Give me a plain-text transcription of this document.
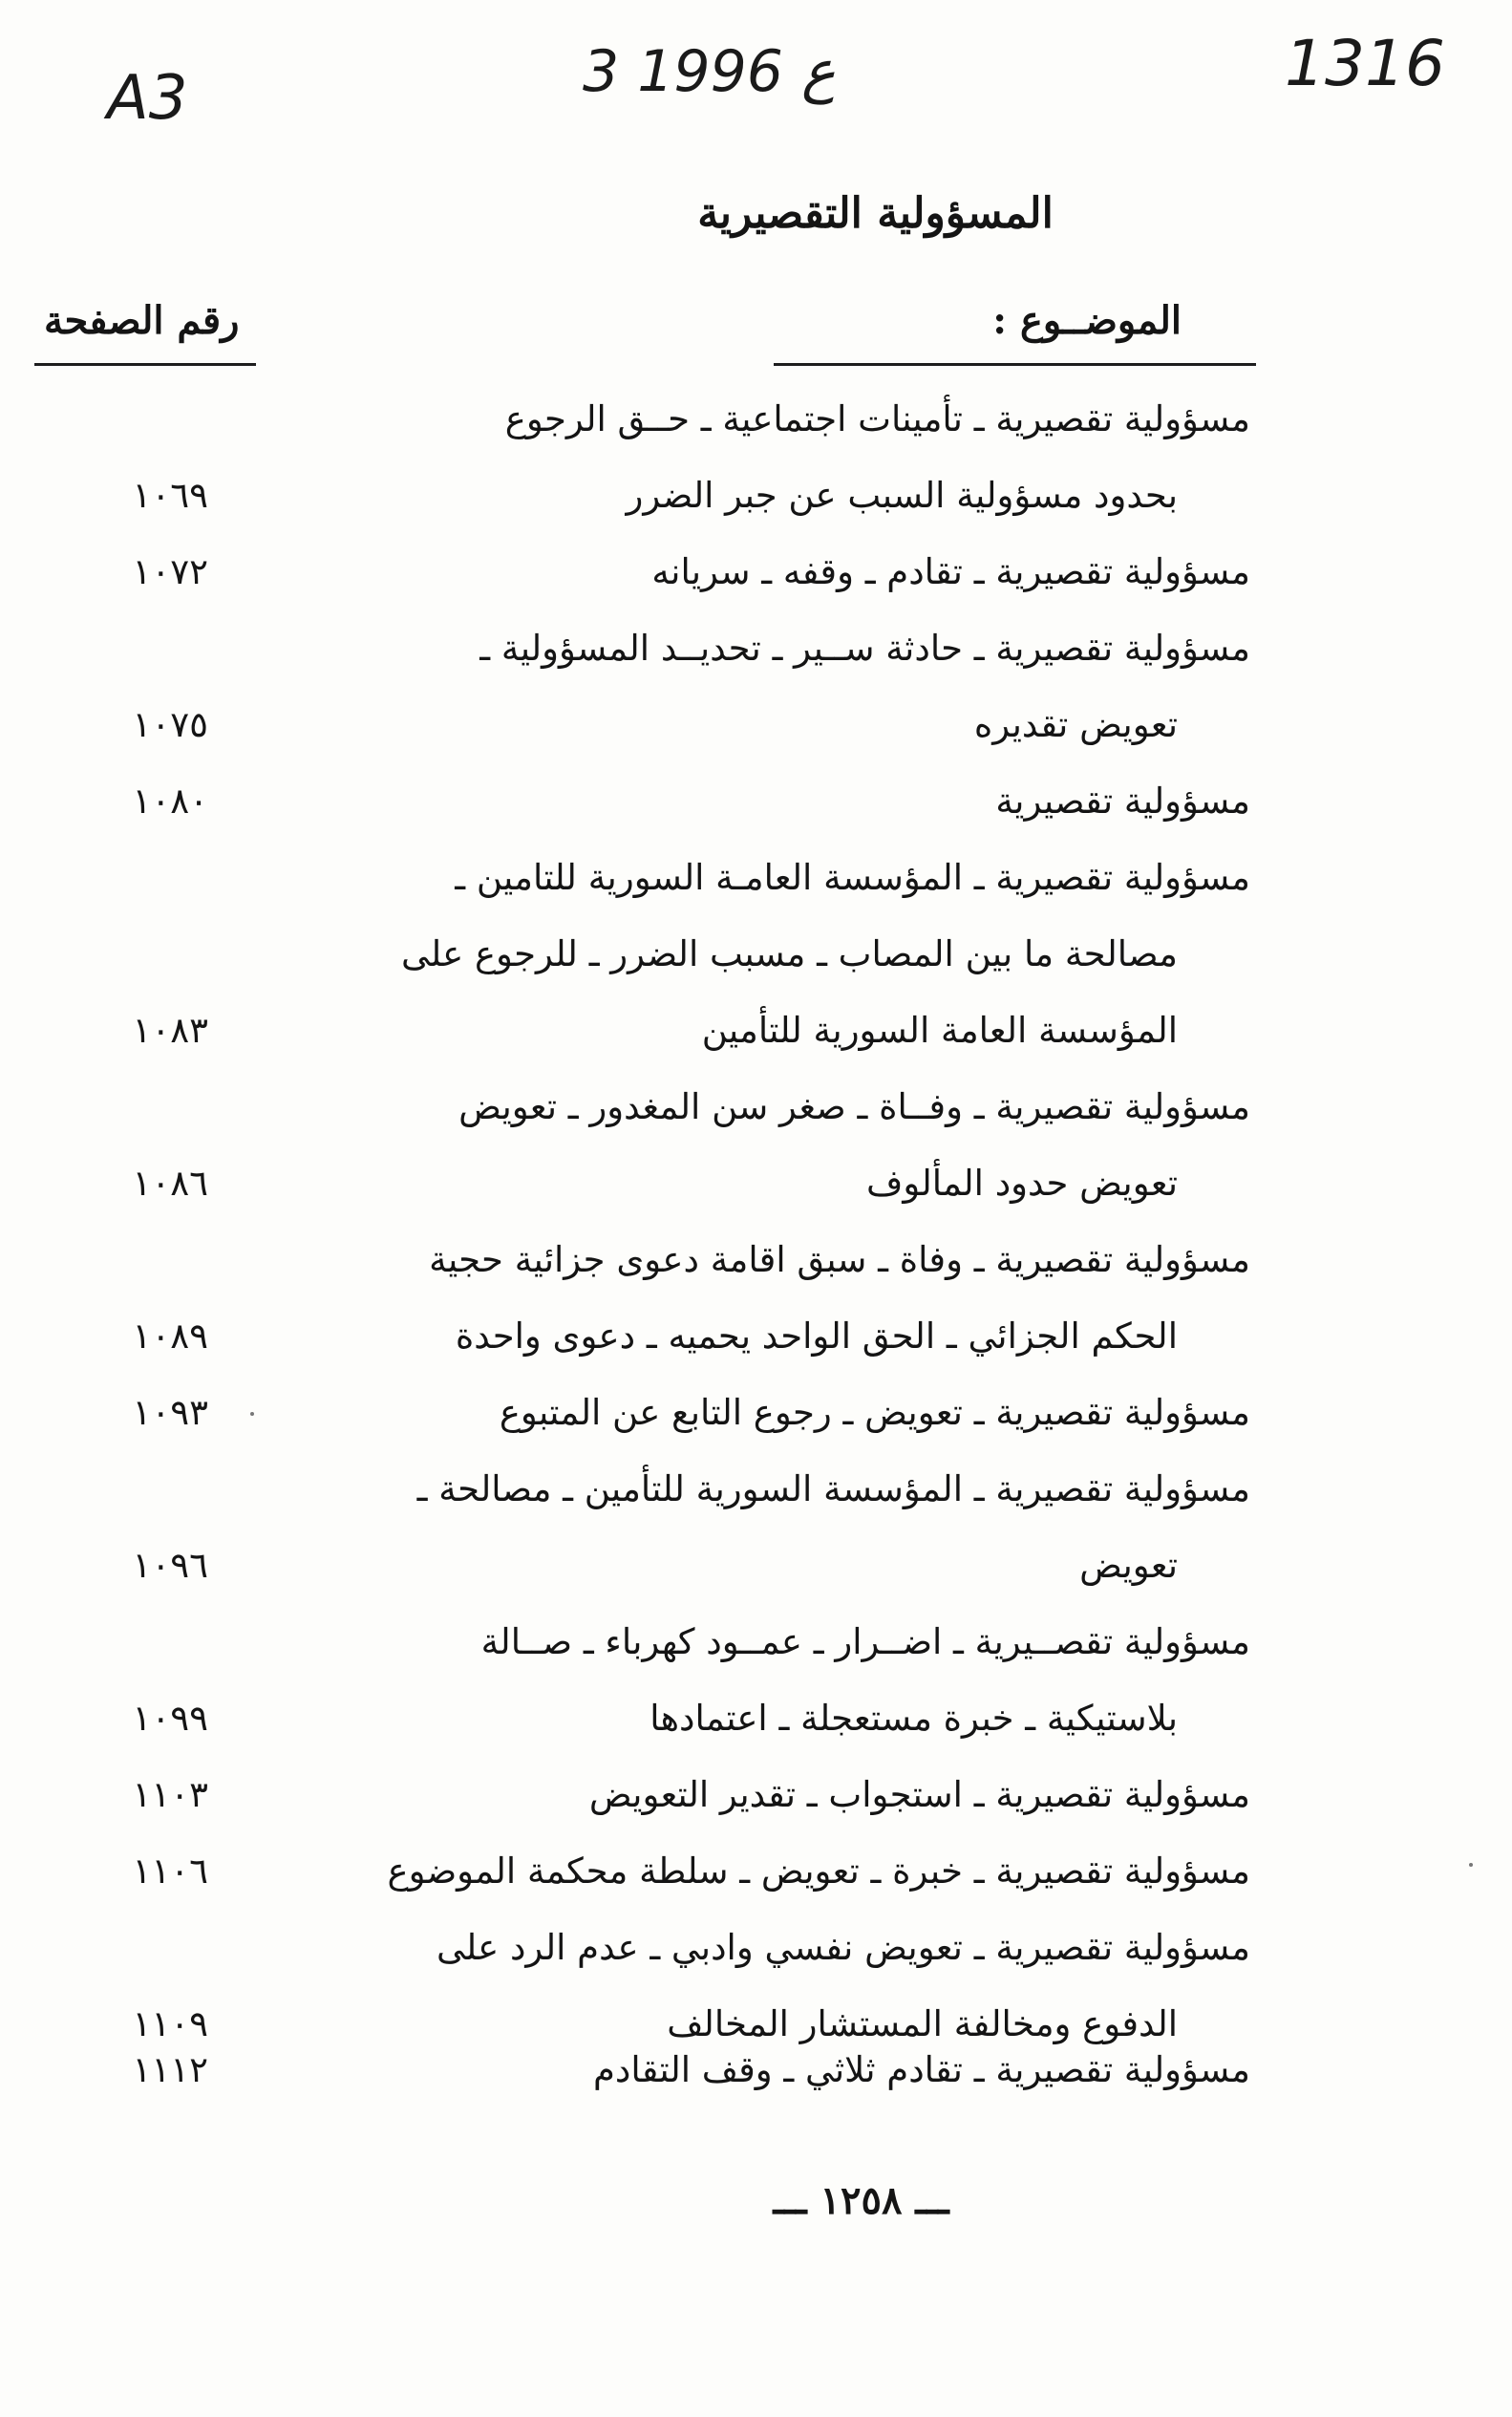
A3	3 ع 1996	1316
المسؤولية التقصيرية
الموضــوع :
رقم الصفحة
مسؤولية تقصيرية ـ تأمينات اجتماعية ـ حــق الرجوع
بحدود مسؤولية السبب عن جبر الضرر
١٠٦٩
مسؤولية تقصيرية ـ تقادم ـ وقفه ـ سريانه
١٠٧٢
مسؤولية تقصيرية ـ حادثة ســير ـ تحديــد المسؤولية ـ
تعويض تقديره
١٠٧٥
مسؤولية تقصيرية
١٠٨٠
مسؤولية تقصيرية ـ المؤسسة العامـة السورية للتامين ـ
مصالحة ما بين المصاب ـ مسبب الضرر ـ للرجوع على
المؤسسة العامة السورية للتأمين
١٠٨٣
مسؤولية تقصيرية ـ وفــاة ـ صغر سن المغدور ـ تعويض
تعويض حدود المألوف
١٠٨٦
مسؤولية تقصيرية ـ وفاة ـ سبق اقامة دعوى جزائية حجية
الحكم الجزائي ـ الحق الواحد يحميه ـ دعوى واحدة
١٠٨٩
مسؤولية تقصيرية ـ تعويض ـ رجوع التابع عن المتبوع
١٠٩٣
مسؤولية تقصيرية ـ المؤسسة السورية للتأمين ـ مصالحة ـ
تعويض
١٠٩٦
مسؤولية تقصــيرية ـ اضــرار ـ عمــود كهرباء ـ صــالة
بلاستيكية ـ خبرة مستعجلة ـ اعتمادها
١٠٩٩
مسؤولية تقصيرية ـ استجواب ـ تقدير التعويض
١١٠٣
مسؤولية تقصيرية ـ خبرة ـ تعويض ـ سلطة محكمة الموضوع
١١٠٦
مسؤولية تقصيرية ـ تعويض نفسي وادبي ـ عدم الرد على
الدفوع ومخالفة المستشار المخالف
١١٠٩
مسؤولية تقصيرية ـ تقادم ثلاثي ـ وقف التقادم
١١١٢
ـــ ١٢٥٨ ـــ
